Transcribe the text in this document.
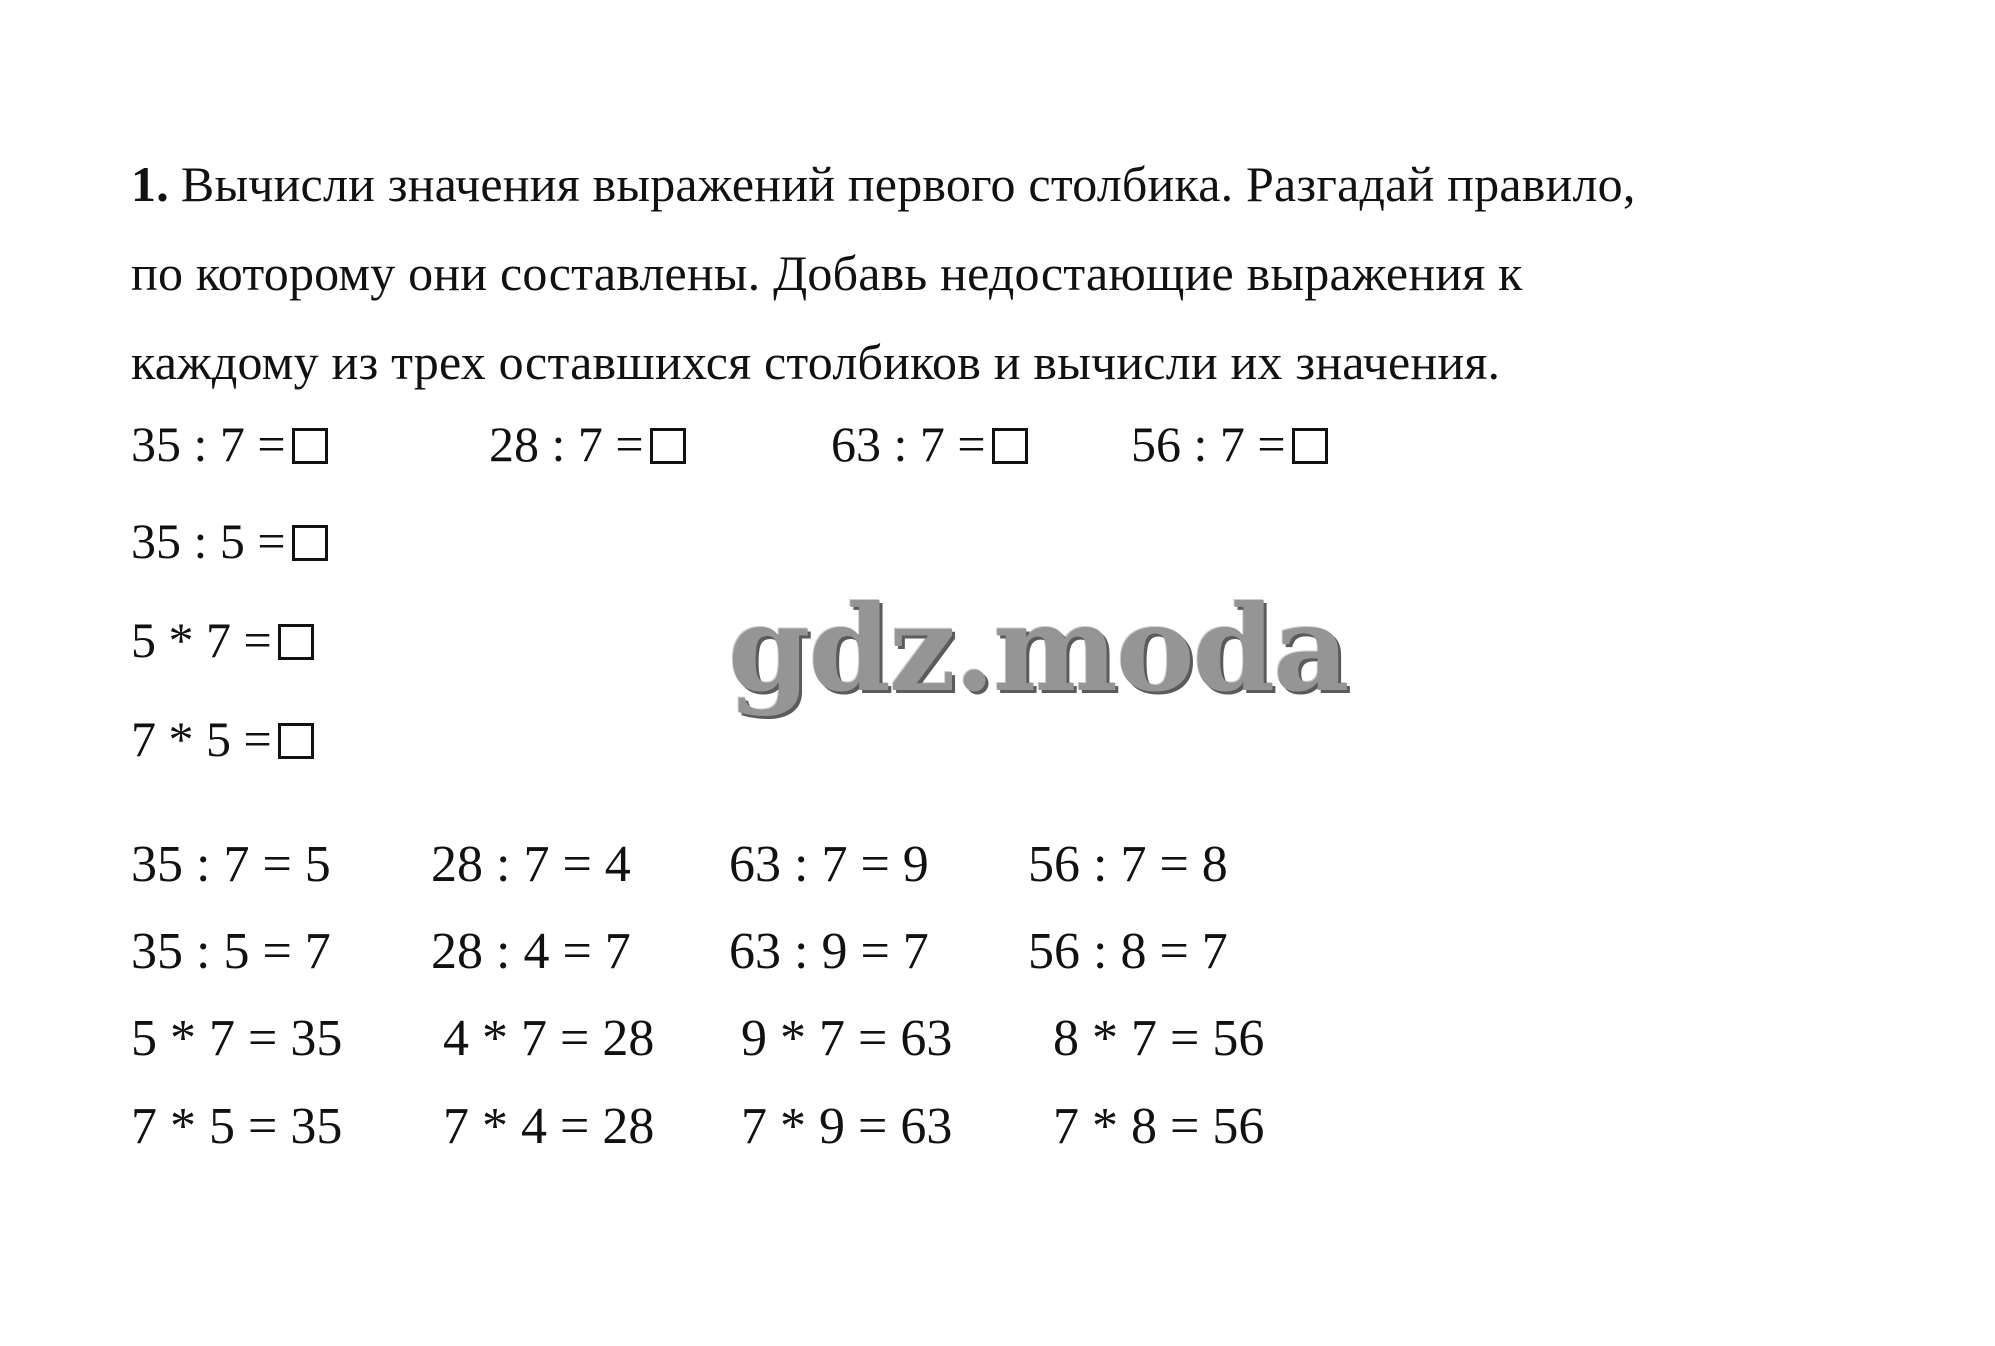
1. Вычисли значения выражений первого столбика. Разгадай правило,
по которому они составлены. Добавь недостающие выражения к
каждому из трех оставшихся столбиков и вычисли их значения.
35 : 7 =	28 : 7 =	63 : 7 =	56 : 7 =
35 : 5 =
5 * 7 =
7 * 5 =
gdz.moda
35 : 7 = 5 28 : 7 = 4 63 : 7 = 9 56 : 7 = 8
35 : 5 = 7 28 : 4 = 7 63 : 9 = 7 56 : 8 = 7
5 * 7 = 35 4 * 7 = 28 9 * 7 = 63 8 * 7 = 56
7 * 5 = 35 7 * 4 = 28 7 * 9 = 63 7 * 8 = 56
